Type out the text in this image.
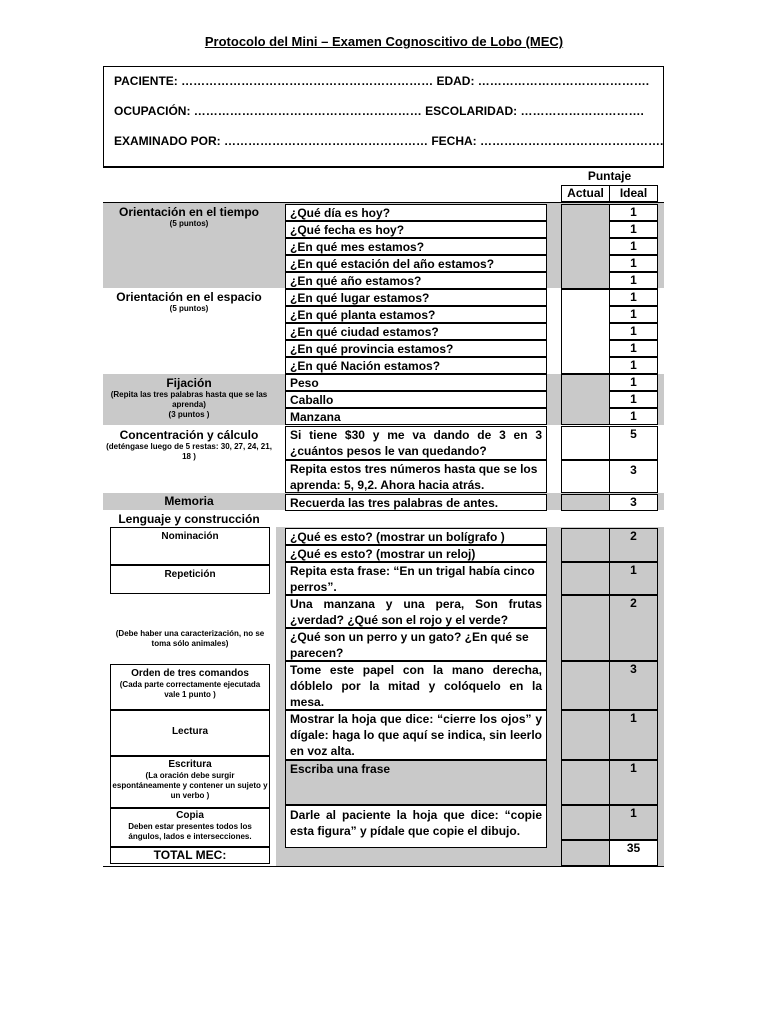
Protocolo del Mini – Examen Cognoscitivo de Lobo (MEC)
PACIENTE: ……………………………………………………… EDAD: …………………………………….
OCUPACIÓN: ………………………………………………… ESCOLARIDAD: ………………………….
EXAMINADO POR: …………………………………………… FECHA: ……………………………………….
Puntaje
Actual	Ideal
Orientación en el tiempo
(5 puntos)
Orientación en el espacio
(5 puntos)
Fijación
(Repita las tres palabras hasta que se las aprenda)
(3 puntos )
Concentración y cálculo
(deténgase luego de 5 restas: 30, 27, 24, 21, 18 )
Memoria
Lenguaje y construcción
¿Qué día es hoy?
¿Qué fecha es hoy?
¿En qué mes estamos?
¿En qué estación del año estamos?
¿En qué año estamos?
¿En qué lugar estamos?
¿En qué planta estamos?
¿En qué ciudad estamos?
¿En qué provincia estamos?
¿En qué Nación estamos?
Peso
Caballo
Manzana
Si tiene $30 y me va dando de 3 en 3 ¿cuántos pesos le van quedando?
Repita estos tres números hasta que se los aprenda: 5, 9,2. Ahora hacia atrás.
Recuerda las tres palabras de antes.
1
1
1
1
1
1
1
1
1
1
1
1
1
5
3
3
Nominación
Repetición
(Debe haber una caracterización, no se toma sólo animales)
Orden de tres comandos
(Cada parte correctamente ejecutada vale 1 punto )
Lectura
Escritura
(La oración debe surgir espontáneamente y contener un sujeto y un verbo )
Copia
Deben estar presentes todos los ángulos, lados e intersecciones.
TOTAL MEC:
¿Qué es esto? (mostrar un bolígrafo )
¿Qué es esto? (mostrar un reloj)
Repita esta frase: “En un trigal había cinco perros”.
Una manzana y una pera, Son frutas ¿verdad? ¿Qué son el rojo y el verde?
¿Qué son un perro y un gato? ¿En qué se parecen?
Tome este papel con la mano derecha, dóblelo por la mitad y colóquelo en la mesa.
Mostrar la hoja que dice: “cierre los ojos” y dígale: haga lo que aquí se indica, sin leerlo en voz alta.
Escriba una frase
Darle al paciente la hoja que dice: “copie esta figura” y pídale que copie el dibujo.
2
1
2
3
1
1
1
35
